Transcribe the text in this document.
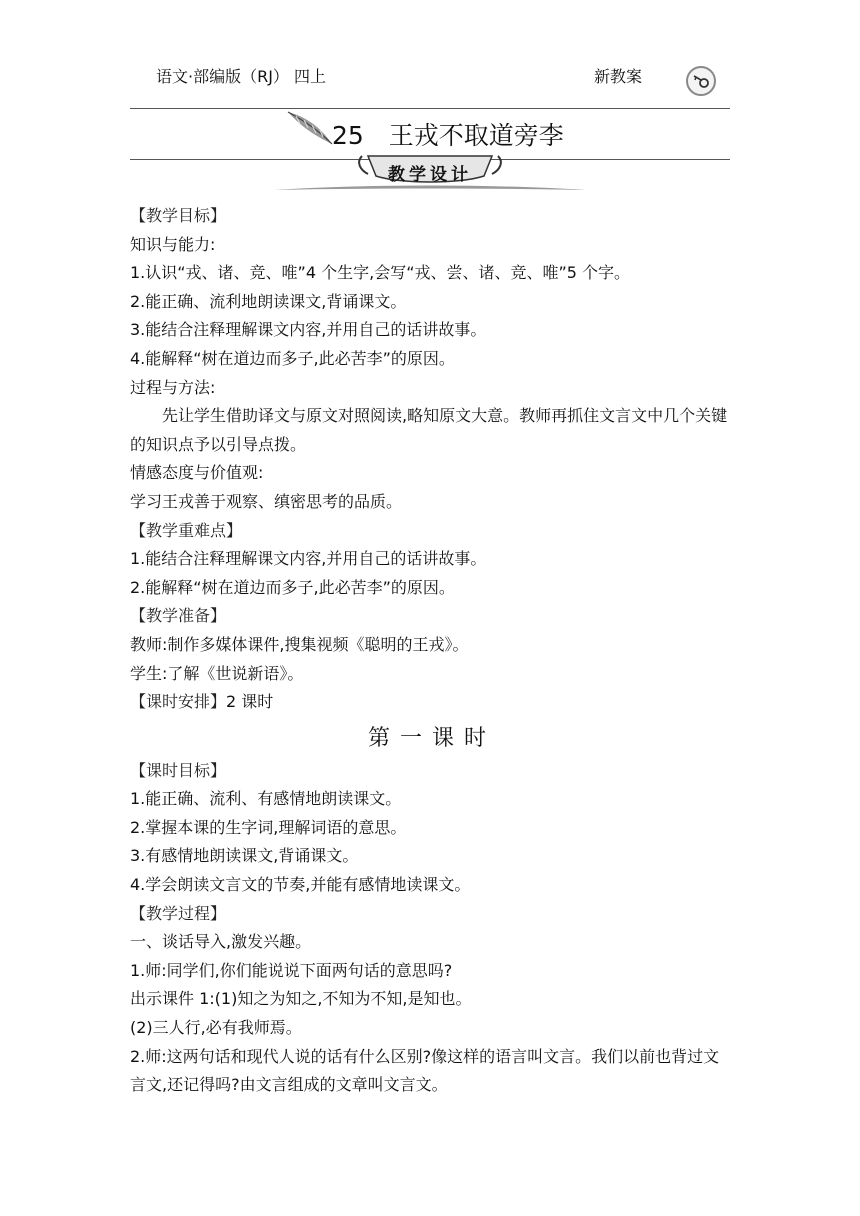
语文·部编版（RJ） 四上	新教案
25　王戎不取道旁李
教学设计

【教学目标】

知识与能力:

1.认识“戎、诸、竞、唯”4 个生字,会写“戎、尝、诸、竞、唯”5 个字。

2.能正确、流利地朗读课文,背诵课文。

3.能结合注释理解课文内容,并用自己的话讲故事。

4.能解释“树在道边而多子,此必苦李”的原因。

过程与方法:

先让学生借助译文与原文对照阅读,略知原文大意。教师再抓住文言文中几个关键的知识点予以引导点拨。

情感态度与价值观:

学习王戎善于观察、缜密思考的品质。

【教学重难点】

1.能结合注释理解课文内容,并用自己的话讲故事。

2.能解释“树在道边而多子,此必苦李”的原因。

【教学准备】

教师:制作多媒体课件,搜集视频《聪明的王戎》。

学生:了解《世说新语》。

【课时安排】2 课时

第一课时

【课时目标】

1.能正确、流利、有感情地朗读课文。

2.掌握本课的生字词,理解词语的意思。

3.有感情地朗读课文,背诵课文。

4.学会朗读文言文的节奏,并能有感情地读课文。

【教学过程】

一、谈话导入,激发兴趣。

1.师:同学们,你们能说说下面两句话的意思吗?

出示课件 1:(1)知之为知之,不知为不知,是知也。

(2)三人行,必有我师焉。

2.师:这两句话和现代人说的话有什么区别?像这样的语言叫文言。我们以前也背过文言文,还记得吗?由文言组成的文章叫文言文。
